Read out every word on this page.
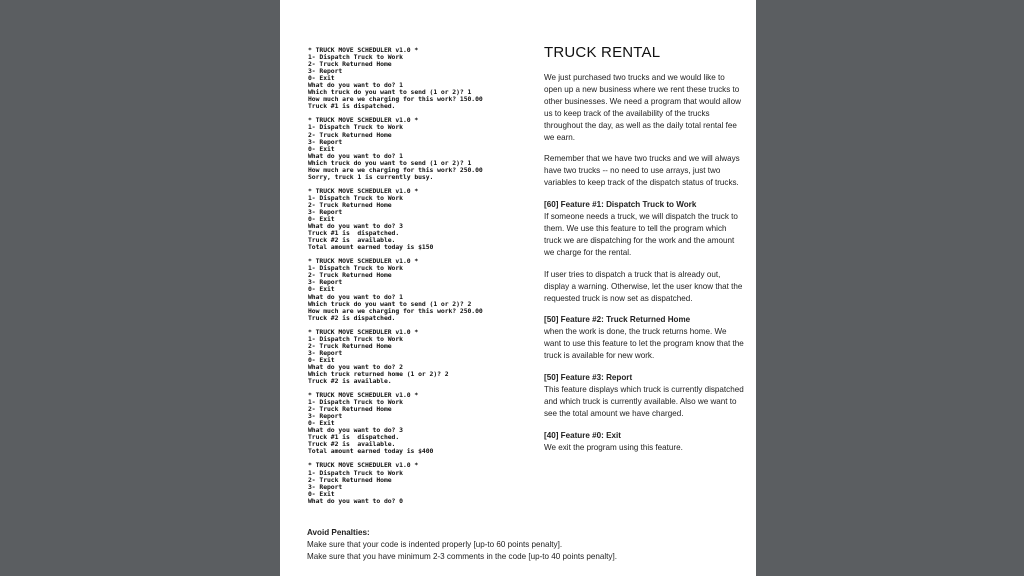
* TRUCK MOVE SCHEDULER v1.0 *
1- Dispatch Truck to Work
2- Truck Returned Home
3- Report
0- Exit
What do you want to do? 1
Which truck do you want to send (1 or 2)? 1
How much are we charging for this work? 150.00
Truck #1 is dispatched.
* TRUCK MOVE SCHEDULER v1.0 *
1- Dispatch Truck to Work
2- Truck Returned Home
3- Report
0- Exit
What do you want to do? 1
Which truck do you want to send (1 or 2)? 1
How much are we charging for this work? 250.00
Sorry, truck 1 is currently busy.
* TRUCK MOVE SCHEDULER v1.0 *
1- Dispatch Truck to Work
2- Truck Returned Home
3- Report
0- Exit
What do you want to do? 3
Truck #1 is  dispatched.
Truck #2 is  available.
Total amount earned today is $150
* TRUCK MOVE SCHEDULER v1.0 *
1- Dispatch Truck to Work
2- Truck Returned Home
3- Report
0- Exit
What do you want to do? 1
Which truck do you want to send (1 or 2)? 2
How much are we charging for this work? 250.00
Truck #2 is dispatched.
* TRUCK MOVE SCHEDULER v1.0 *
1- Dispatch Truck to Work
2- Truck Returned Home
3- Report
0- Exit
What do you want to do? 2
Which truck returned home (1 or 2)? 2
Truck #2 is available.
* TRUCK MOVE SCHEDULER v1.0 *
1- Dispatch Truck to Work
2- Truck Returned Home
3- Report
0- Exit
What do you want to do? 3
Truck #1 is  dispatched.
Truck #2 is  available.
Total amount earned today is $400
* TRUCK MOVE SCHEDULER v1.0 *
1- Dispatch Truck to Work
2- Truck Returned Home
3- Report
0- Exit
What do you want to do? 0
TRUCK RENTAL

We just purchased two trucks and we would like to open up a new business where we rent these trucks to other businesses. We need a program that would allow us to keep track of the availability of the trucks throughout the day, as well as the daily total rental fee we earn.

Remember that we have two trucks and we will always have two trucks -- no need to use arrays, just two variables to keep track of the dispatch status of trucks.

[60] Feature #1: Dispatch Truck to Work

If someone needs a truck, we will dispatch the truck to them. We use this feature to tell the program which truck we are dispatching for the work and the amount we charge for the rental.

If user tries to dispatch a truck that is already out, display a warning. Otherwise, let the user know that the requested truck is now set as dispatched.

[50] Feature #2: Truck Returned Home

when the work is done, the truck returns home. We want to use this feature to let the program know that the truck is available for new work.

[50] Feature #3: Report

This feature displays which truck is currently dispatched and which truck is currently available. Also we want to see the total amount we have charged.

[40] Feature #0: Exit

We exit the program using this feature.

Avoid Penalties:
Make sure that your code is indented properly [up-to 60 points penalty].
Make sure that you have minimum 2-3 comments in the code [up-to 40 points penalty].
